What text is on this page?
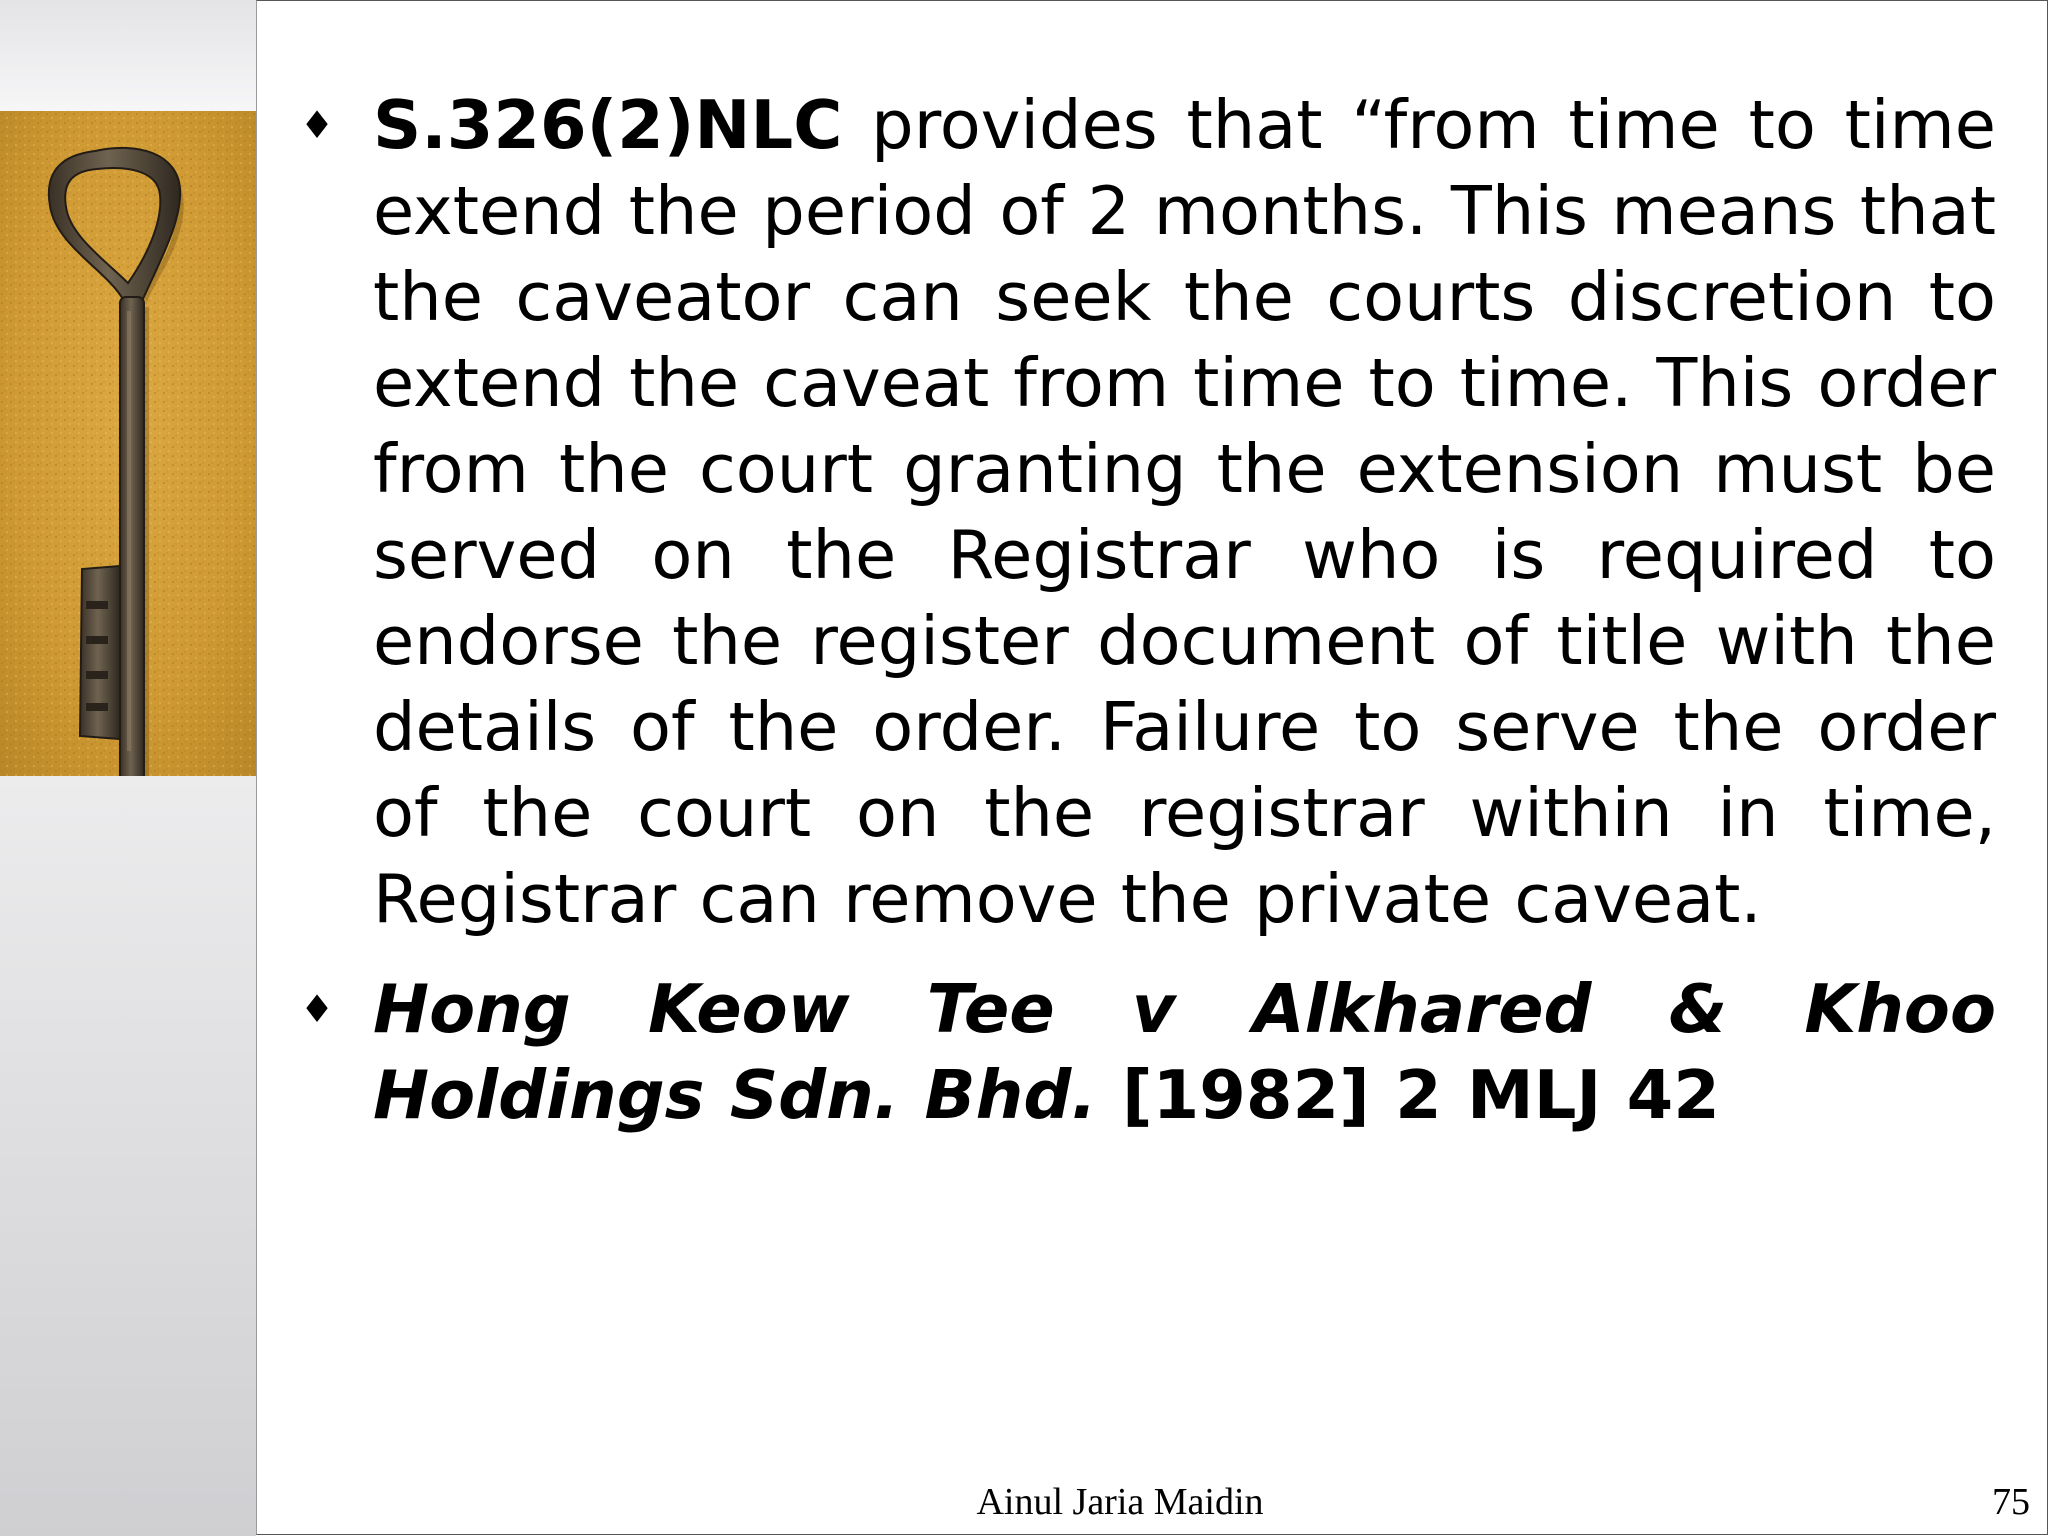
♦ S.326(2)NLC provides that “from time to time extend the period of 2 months. This means that the caveator can seek the courts discretion to extend the caveat from time to time. This order from the court granting the extension must be served on the Registrar who is required to endorse the register document of title with the details of the order. Failure to serve the order of the court on the registrar within in time, Registrar can remove the private caveat.
♦ Hong Keow Tee v Alkhared & Khoo Holdings Sdn. Bhd. [1982] 2 MLJ 42
Ainul Jaria Maidin	75
